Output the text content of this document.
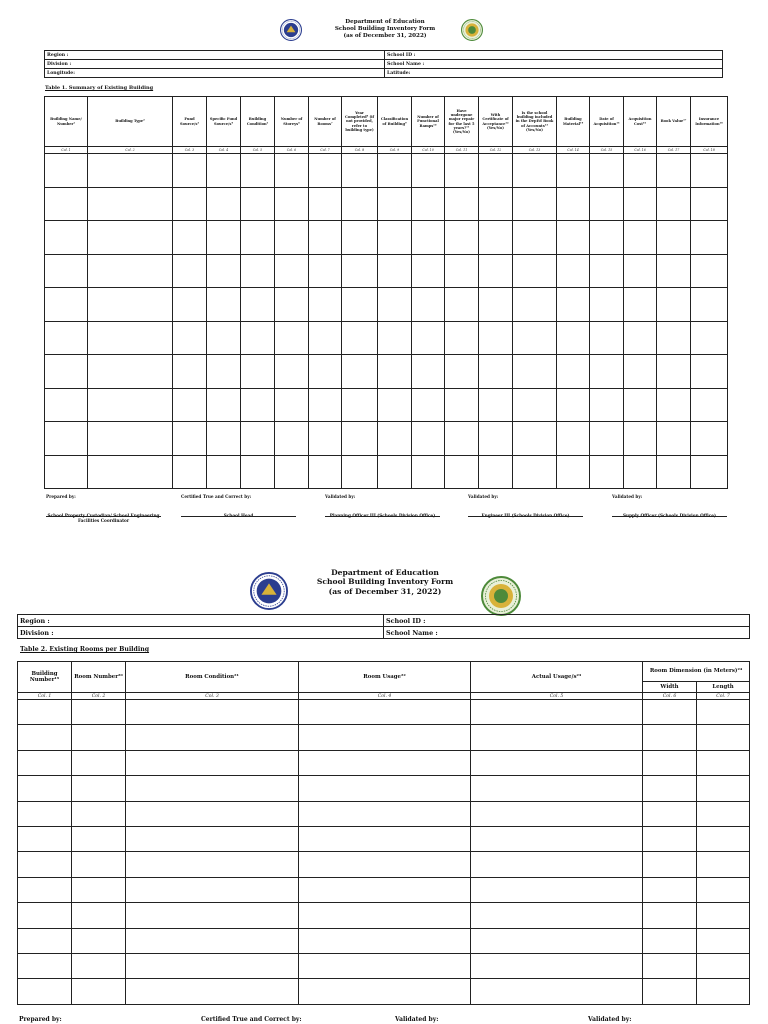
Department of Education
School Building Inventory Form
(as of December 31, 2022)
Region :	School ID :
Division :	School Name :
Longitude:	Latitude:
Table 1. Summary of Existing Building
Building Name/ Number¹	Building Type²	Fund Source/s³	Specific Fund Source/s⁴	Building Condition⁵	Number of Storeys⁶	Number of Rooms⁷	Year Completed⁸ (if not provided, refer to building type)	Classification of Building⁹	Number of Functional Ramps¹⁰	Have undergone major repair for the last 5 years?¹¹ (Yes/No)	With Certificate of Acceptance¹² (Yes/No)	Is the school building included in the DepEd Book of Accounts¹³ (Yes/No)	Building Material¹⁴	Date of Acquisition¹⁵	Acquisition Cost¹⁶	Book Value¹⁷	Insurance Information¹⁸
Col. 1	Col. 2	Col. 3	Col. 4	Col. 5	Col. 6	Col. 7	Col. 8	Col. 9	Col. 10	Col. 11	Col. 12	Col. 13	Col. 14	Col. 15	Col. 16	Col. 17	Col. 18

Prepared by:
School Property Custodian/ School Engineering Facilities Coordinator
Certified True and Correct by:
School Head
Validated by:
Planning Officer III (Schools Division Office)
Validated by:
Engineer III (Schools Division Office)
Validated by:
Supply Officer (Schools Division Office)
Department of Education
School Building Inventory Form
(as of December 31, 2022)
Region :	School ID :
Division :	School Name :
Table 2. Existing Rooms per Building
Building Number¹⁹	Room Number²⁰	Room Condition²¹	Room Usage²²	Actual Usage/s²³	Room Dimension (in Meters)²⁴	
					Width	Length
Col. 1	Col. 2	Col. 3	Col. 4	Col. 5	Col. 6	Col. 7

Prepared by:	Certified True and Correct by:	Validated by:	Validated by:
